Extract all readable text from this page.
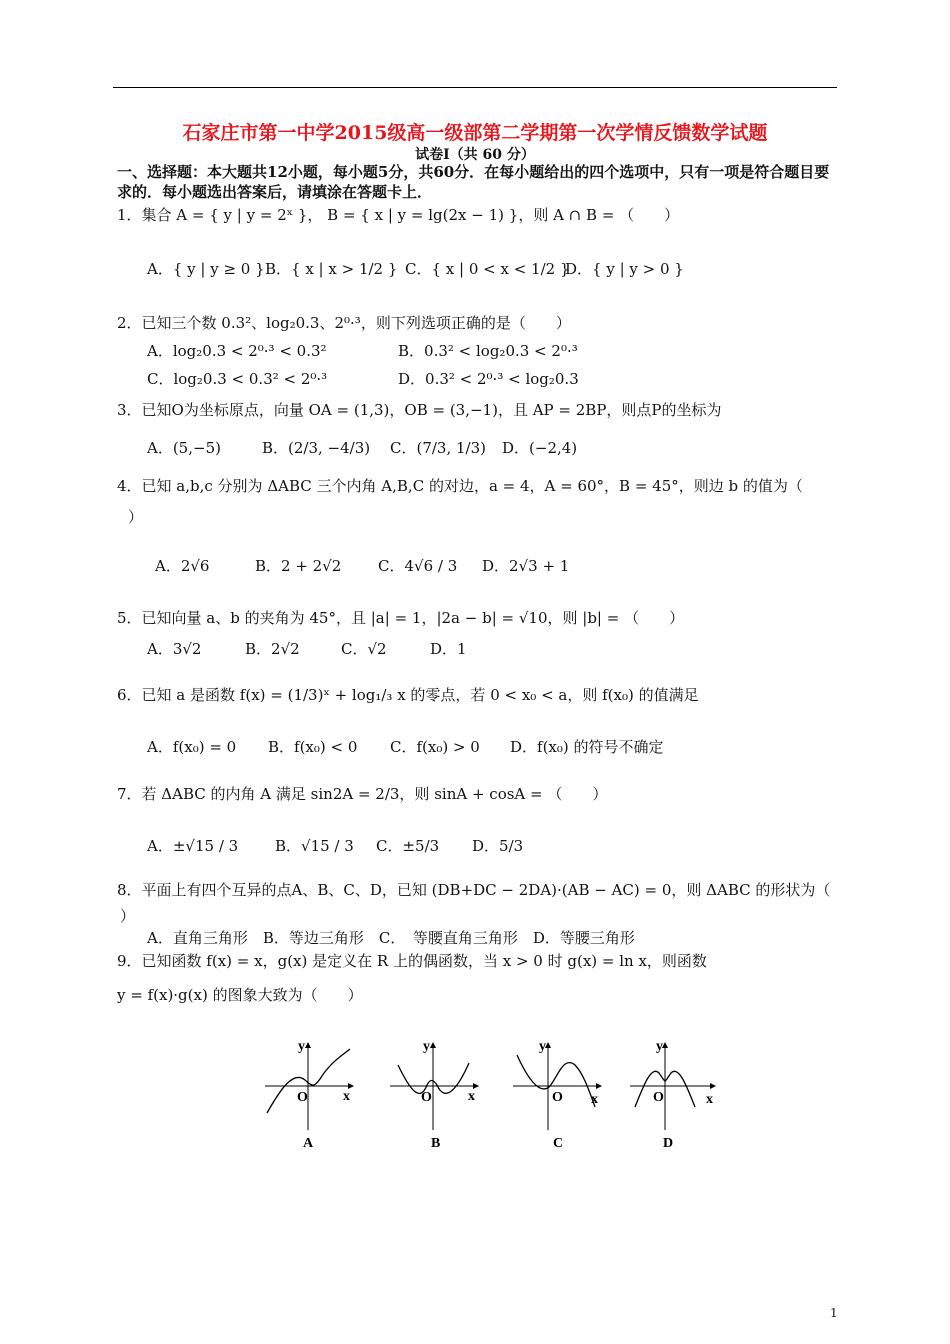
石家庄市第一中学2015级高一级部第二学期第一次学情反馈数学试题
试卷Ⅰ（共 60 分）
一、选择题：本大题共12小题，每小题5分，共60分．在每小题给出的四个选项中，只有一项是符合题目要求的．每小题选出答案后，请填涂在答题卡上．
1．集合 A = { y | y = 2ˣ }， B = { x | y = lg(2x − 1) }，则 A ∩ B = （　　）
A．{ y | y ≥ 0 } B．{ x | x > 1/2 } C．{ x | 0 < x < 1/2 }
D．{ y | y > 0 }
2．已知三个数 0.3²、log₂0.3、2⁰·³，则下列选项正确的是（　　）
A．log₂0.3 < 2⁰·³ < 0.3²	B．0.3² < log₂0.3 < 2⁰·³
C．log₂0.3 < 0.3² < 2⁰·³	D．0.3² < 2⁰·³ < log₂0.3
3．已知O为坐标原点，向量 OA = (1,3)，OB = (3,−1)，且 AP = 2BP，则点P的坐标为
A．(5,−5)	B．(2/3, −4/3) C．(7/3, 1/3) D．(−2,4)
4．已知 a,b,c 分别为 ΔABC 三个内角 A,B,C 的对边，a = 4，A = 60°，B = 45°，则边 b 的值为（
）
A．2√6	B．2 + 2√2 C．4√6 / 3 D．2√3 + 1
5．已知向量 a、b 的夹角为 45°，且 |a| = 1，|2a − b| = √10，则 |b| = （　　）
A．3√2	B．2√2	C．√2	D．1
6．已知 a 是函数 f(x) = (1/3)ˣ + log₁/₃ x 的零点，若 0 < x₀ < a，则 f(x₀) 的值满足
A．f(x₀) = 0 B．f(x₀) < 0 C．f(x₀) > 0 D．f(x₀) 的符号不确定
7．若 ΔABC 的内角 A 满足 sin2A = 2/3，则 sinA + cosA = （　　）
A．±√15 / 3 B．√15 / 3 C．±5/3 D．5/3
8．平面上有四个互异的点A、B、C、D，已知 (DB+DC − 2DA)·(AB − AC) = 0，则 ΔABC 的形状为（
）
A．直角三角形　B．等边三角形　C．　等腰直角三角形　D．等腰三角形
9．已知函数 f(x) = x，g(x) 是定义在 R 上的偶函数，当 x > 0 时 g(x) = ln x，则函数
y = f(x)·g(x) 的图象大致为（　　）
y
x
O
A
y
x
O
B
y
x
O
C
y
x
O
D
1
